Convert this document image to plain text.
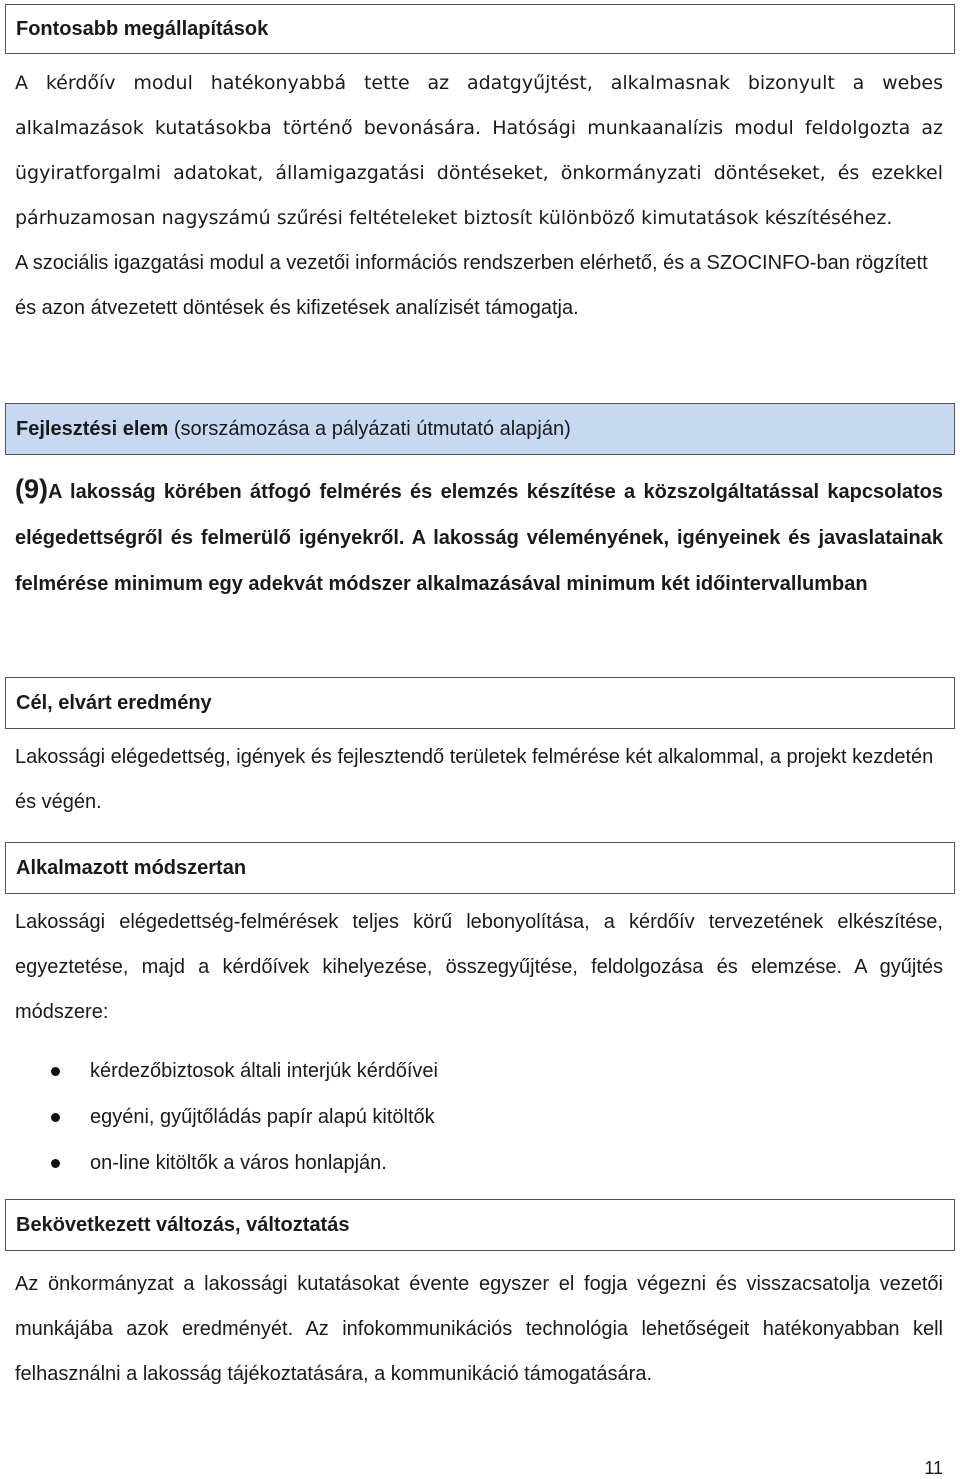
Fontosabb megállapítások

A kérdőív modul hatékonyabbá tette az adatgyűjtést, alkalmasnak bizonyult a webes alkalmazások kutatásokba történő bevonására. Hatósági munkaanalízis modul feldolgozta az ügyiratforgalmi adatokat, államigazgatási döntéseket, önkormányzati döntéseket, és ezekkel párhuzamosan nagyszámú szűrési feltételeket biztosít különböző kimutatások készítéséhez.

A szociális igazgatási modul a vezetői információs rendszerben elérhető, és a SZOCINFO-ban rögzített és azon átvezetett döntések és kifizetések analízisét támogatja.

Fejlesztési elem (sorszámozása a pályázati útmutató alapján)

(9)A lakosság körében átfogó felmérés és elemzés készítése a közszolgáltatással kapcsolatos elégedettségről és felmerülő igényekről. A lakosság véleményének, igényeinek és javaslatainak felmérése minimum egy adekvát módszer alkalmazásával minimum két időintervallumban

Cél, elvárt eredmény

Lakossági elégedettség, igények és fejlesztendő területek felmérése két alkalommal, a projekt kezdetén és végén.

Alkalmazott módszertan

Lakossági elégedettség-felmérések teljes körű lebonyolítása, a kérdőív tervezetének elkészítése, egyeztetése, majd a kérdőívek kihelyezése, összegyűjtése, feldolgozása és elemzése. A gyűjtés módszere:

kérdezőbiztosok általi interjúk kérdőívei
egyéni, gyűjtőládás papír alapú kitöltők
on-line kitöltők a város honlapján.
Bekövetkezett változás, változtatás

Az önkormányzat a lakossági kutatásokat évente egyszer el fogja végezni és visszacsatolja vezetői munkájába azok eredményét. Az infokommunikációs technológia lehetőségeit hatékonyabban kell felhasználni a lakosság tájékoztatására, a kommunikáció támogatására.

11
